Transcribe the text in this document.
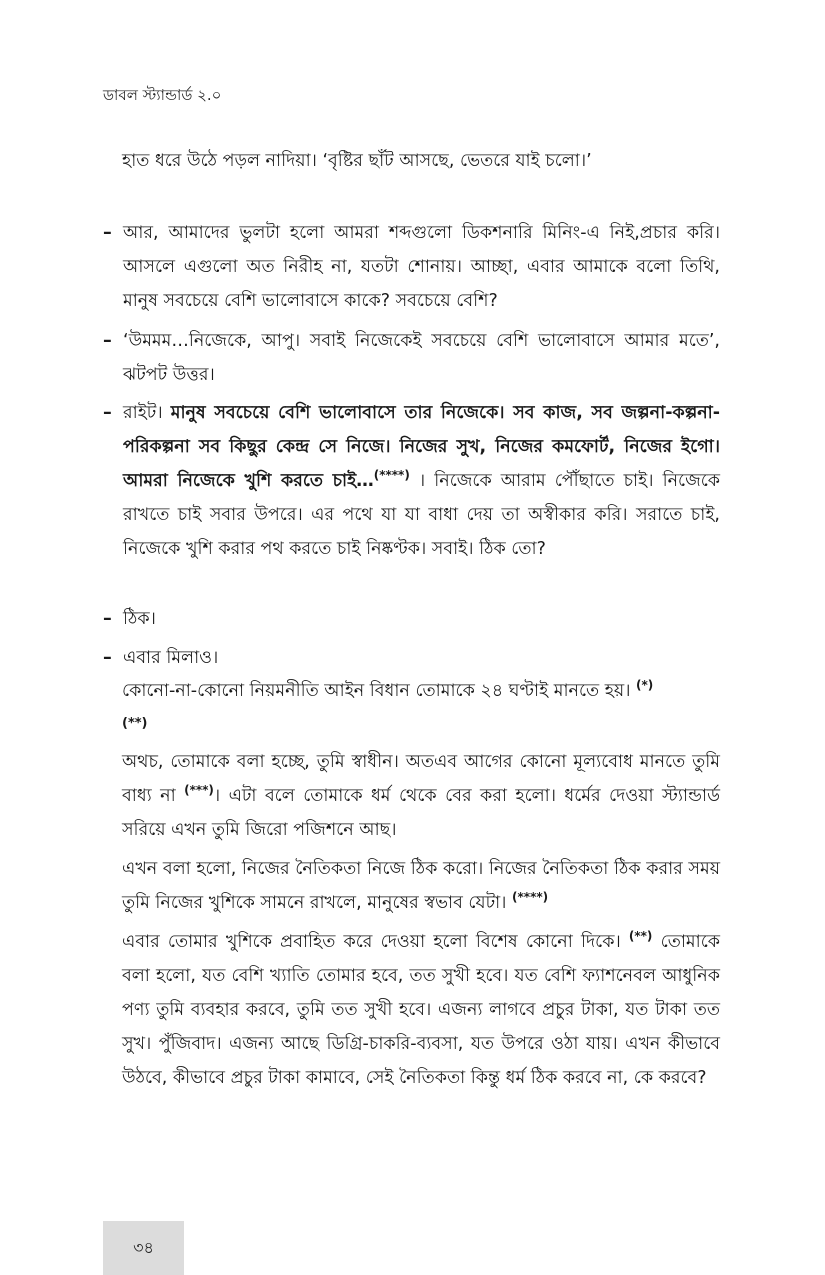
ডাবল স্ট্যান্ডার্ড ২.০
হাত ধরে উঠে পড়ল নাদিয়া। ‘বৃষ্টির ছাঁট আসছে, ভেতরে যাই চলো।’
– আর, আমাদের ভুলটা হলো আমরা শব্দগুলো ডিকশনারি মিনিং-এ নিই,প্রচার করি। আসলে এগুলো অত নিরীহ না, যতটা শোনায়। আচ্ছা, এবার আমাকে বলো তিথি, মানুষ সবচেয়ে বেশি ভালোবাসে কাকে? সবচেয়ে বেশি?
– ‘উমমম…নিজেকে, আপু। সবাই নিজেকেই সবচেয়ে বেশি ভালোবাসে আমার মতে’, ঝটপট উত্তর।
– রাইট। মানুষ সবচেয়ে বেশি ভালোবাসে তার নিজেকে। সব কাজ, সব জল্পনা-কল্পনা- পরিকল্পনা সব কিছুর কেন্দ্র সে নিজে। নিজের সুখ, নিজের কমফোর্ট, নিজের ইগো। আমরা নিজেকে খুশি করতে চাই…(****) । নিজেকে আরাম পৌঁছাতে চাই। নিজেকে রাখতে চাই সবার উপরে। এর পথে যা যা বাধা দেয় তা অস্বীকার করি। সরাতে চাই, নিজেকে খুশি করার পথ করতে চাই নিষ্কণ্টক। সবাই। ঠিক তো?
– ঠিক।
– এবার মিলাও।
কোনো-না-কোনো নিয়মনীতি আইন বিধান তোমাকে ২৪ ঘণ্টাই মানতে হয়। (*)
(**)
অথচ, তোমাকে বলা হচ্ছে, তুমি স্বাধীন। অতএব আগের কোনো মূল্যবোধ মানতে তুমি বাধ্য না (***)। এটা বলে তোমাকে ধর্ম থেকে বের করা হলো। ধর্মের দেওয়া স্ট্যান্ডার্ড সরিয়ে এখন তুমি জিরো পজিশনে আছ।
এখন বলা হলো, নিজের নৈতিকতা নিজে ঠিক করো। নিজের নৈতিকতা ঠিক করার সময় তুমি নিজের খুশিকে সামনে রাখলে, মানুষের স্বভাব যেটা। (****)
এবার তোমার খুশিকে প্রবাহিত করে দেওয়া হলো বিশেষ কোনো দিকে। (**) তোমাকে বলা হলো, যত বেশি খ্যাতি তোমার হবে, তত সুখী হবে। যত বেশি ফ্যাশনেবল আধুনিক পণ্য তুমি ব্যবহার করবে, তুমি তত সুখী হবে। এজন্য লাগবে প্রচুর টাকা, যত টাকা তত সুখ। পুঁজিবাদ। এজন্য আছে ডিগ্রি-চাকরি-ব্যবসা, যত উপরে ওঠা যায়। এখন কীভাবে উঠবে, কীভাবে প্রচুর টাকা কামাবে, সেই নৈতিকতা কিন্তু ধর্ম ঠিক করবে না, কে করবে?
৩৪
